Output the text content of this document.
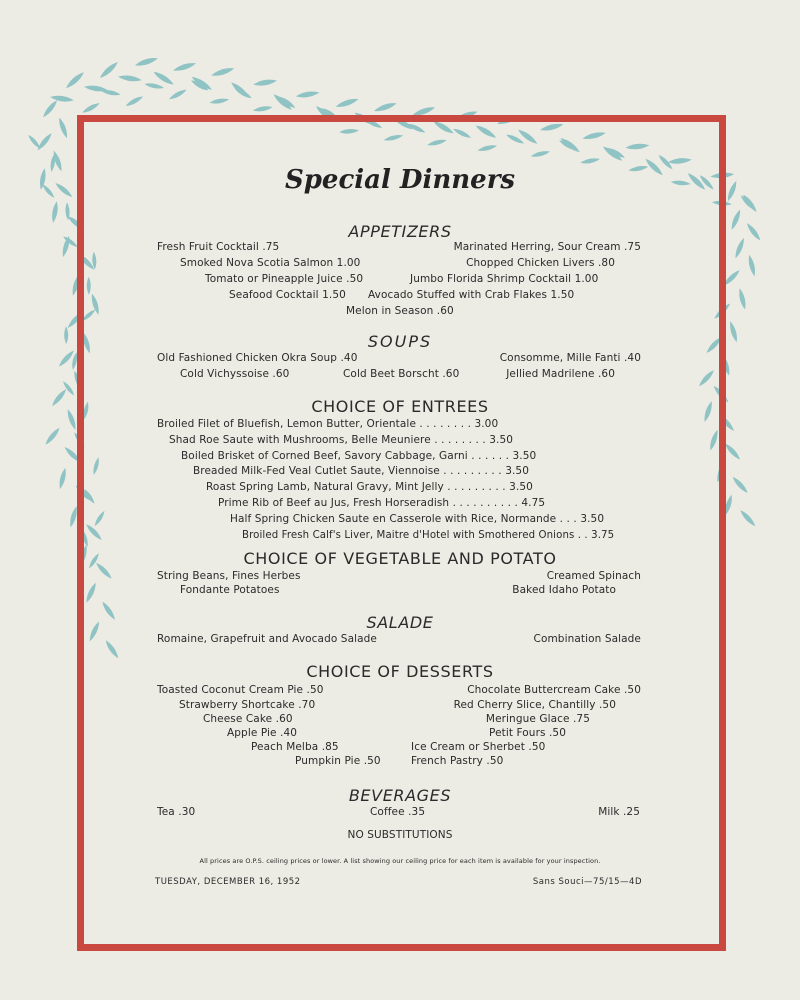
Special Dinners
APPETIZERS
Fresh Fruit Cocktail .75	Marinated Herring, Sour Cream .75
Smoked Nova Scotia Salmon 1.00	Chopped Chicken Livers .80
Tomato or Pineapple Juice .50	Jumbo Florida Shrimp Cocktail 1.00
Seafood Cocktail 1.50 Avocado Stuffed with Crab Flakes 1.50
Melon in Season .60
SOUPS
Old Fashioned Chicken Okra Soup .40	Consomme, Mille Fanti .40
Cold Vichyssoise .60	Cold Beet Borscht .60	Jellied Madrilene .60
CHOICE OF ENTREES
Broiled Filet of Bluefish, Lemon Butter, Orientale . . . . . . . . 3.00
Shad Roe Saute with Mushrooms, Belle Meuniere . . . . . . . . 3.50
Boiled Brisket of Corned Beef, Savory Cabbage, Garni . . . . . . 3.50
Breaded Milk-Fed Veal Cutlet Saute, Viennoise . . . . . . . . . 3.50
Roast Spring Lamb, Natural Gravy, Mint Jelly . . . . . . . . . 3.50
Prime Rib of Beef au Jus, Fresh Horseradish . . . . . . . . . . 4.75
Half Spring Chicken Saute en Casserole with Rice, Normande . . . 3.50
Broiled Fresh Calf's Liver, Maitre d'Hotel with Smothered Onions . . 3.75
CHOICE OF VEGETABLE AND POTATO
String Beans, Fines Herbes	Creamed Spinach
Fondante Potatoes	Baked Idaho Potato
SALADE
Romaine, Grapefruit and Avocado Salade	Combination Salade
CHOICE OF DESSERTS
Toasted Coconut Cream Pie .50	Chocolate Buttercream Cake .50
Strawberry Shortcake .70	Red Cherry Slice, Chantilly .50
Cheese Cake .60	Meringue Glace .75
Apple Pie .40	Petit Fours .50
Peach Melba .85	Ice Cream or Sherbet .50
Pumpkin Pie .50	French Pastry .50
BEVERAGES
Tea .30	Coffee .35	Milk .25
NO SUBSTITUTIONS
All prices are O.P.S. ceiling prices or lower. A list showing our ceiling price for each item is available for your inspection.
TUESDAY, DECEMBER 16, 1952	Sans Souci—75/15—4D
